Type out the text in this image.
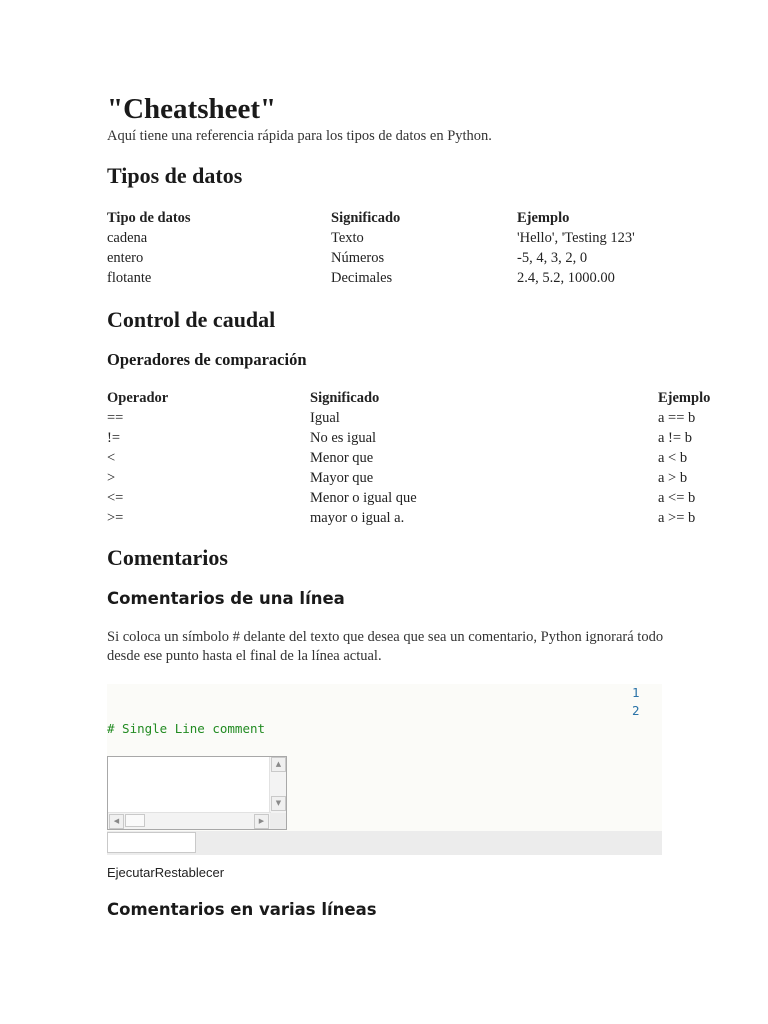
"Cheatsheet"
Aquí tiene una referencia rápida para los tipos de datos en Python.
Tipos de datos
Tipo de datos	Significado	Ejemplo
cadena	Texto	'Hello', 'Testing 123'
entero	Números	-5, 4, 3, 2, 0
flotante	Decimales	2.4, 5.2, 1000.00
Control de caudal
Operadores de comparación
Operador	Significado	Ejemplo
==	Igual	a == b
!=	No es igual	a != b
<	Menor que	a < b
>	Mayor que	a > b
<=	Menor o igual que	a <= b
>=	mayor o igual a.	a >= b
Comentarios
Comentarios de una línea
Si coloca un símbolo # delante del texto que desea que sea un comentario, Python ignorará todo desde ese punto hasta el final de la línea actual.
1
2
# Single Line comment
▲
▼
◀	▶
EjecutarRestablecer
Comentarios en varias líneas
